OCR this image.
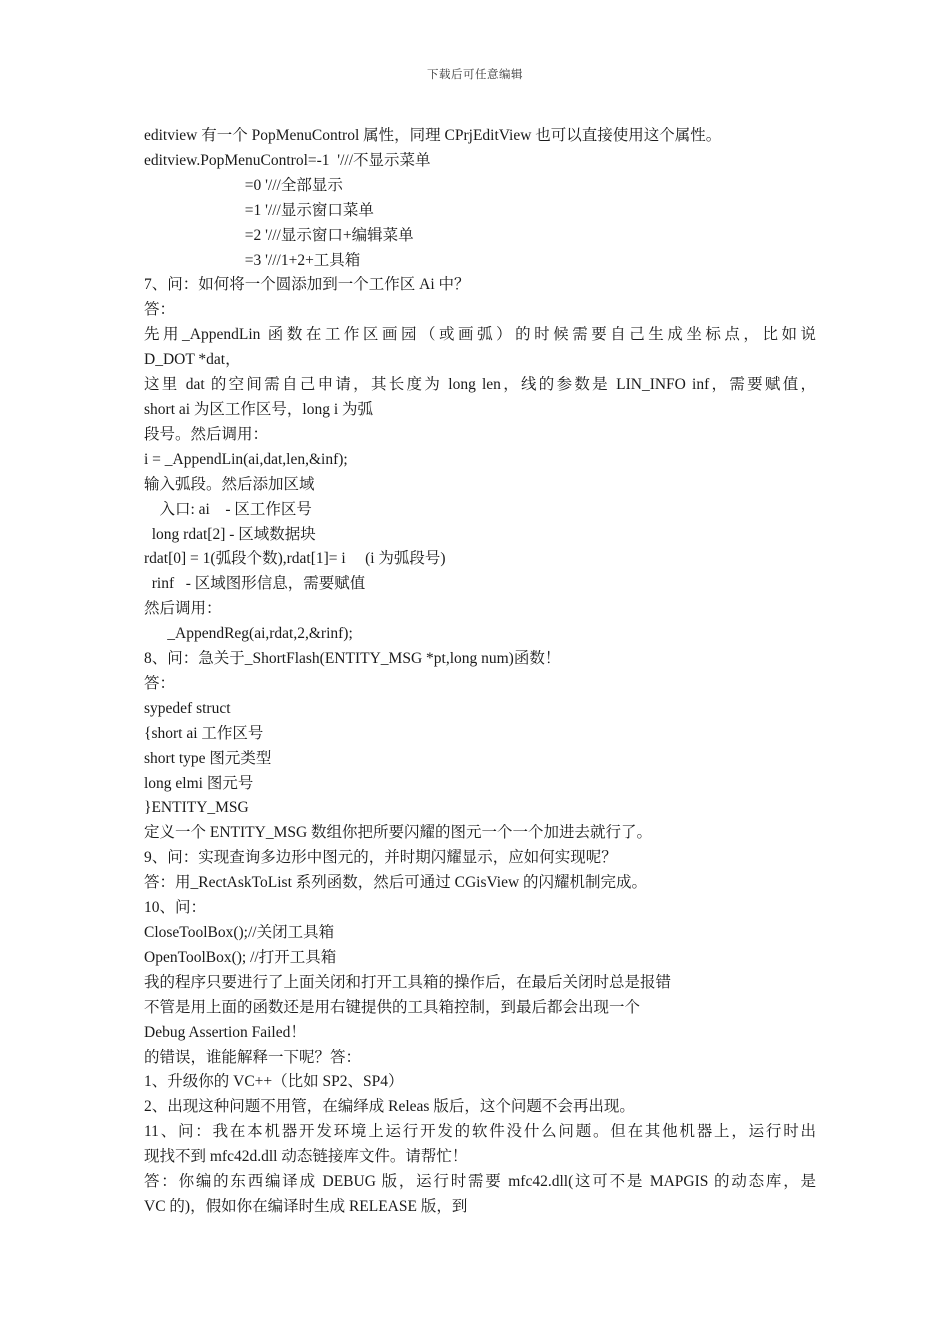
下载后可任意编辑

editview 有一个 PopMenuControl 属性，同理 CPrjEditView 也可以直接使用这个属性。

editview.PopMenuControl=-1  '///不显示菜单

=0 '///全部显示

=1 '///显示窗口菜单

=2 '///显示窗口+编辑菜单

=3 '///1+2+工具箱

7、问：如何将一个圆添加到一个工作区 Ai 中？

答：

先用_AppendLin 函数在工作区画园（或画弧）的时候需要自己生成坐标点，比如说

D_DOT *dat，

这里 dat 的空间需自己申请，其长度为 long len，线的参数是 LIN_INFO inf，需要赋值，

short ai 为区工作区号，long i 为弧

段号。然后调用：

i = _AppendLin(ai,dat,len,&inf);

输入弧段。然后添加区域

入口: ai    - 区工作区号

long rdat[2] - 区域数据块

rdat[0] = 1(弧段个数),rdat[1]= i     (i 为弧段号)

rinf   - 区域图形信息，需要赋值

然后调用：

_AppendReg(ai,rdat,2,&rinf);

8、问：急关于_ShortFlash(ENTITY_MSG *pt,long num)函数！

答：

sypedef struct

{short ai 工作区号

short type 图元类型

long elmi 图元号

}ENTITY_MSG

定义一个 ENTITY_MSG 数组你把所要闪耀的图元一个一个加进去就行了。

9、问：实现查询多边形中图元的，并时期闪耀显示，应如何实现呢？

答：用_RectAskToList 系列函数，然后可通过 CGisView 的闪耀机制完成。

10、问：

CloseToolBox();//关闭工具箱

OpenToolBox(); //打开工具箱

我的程序只要进行了上面关闭和打开工具箱的操作后，在最后关闭时总是报错

不管是用上面的函数还是用右键提供的工具箱控制，到最后都会出现一个

Debug Assertion Failed！

的错误，谁能解释一下呢？答：

1、升级你的 VC++（比如 SP2、SP4）

2、出现这种问题不用管，在编绎成 Releas 版后，这个问题不会再出现。

11、问：我在本机器开发环境上运行开发的软件没什么问题。但在其他机器上，运行时出

现找不到 mfc42d.dll 动态链接库文件。请帮忙！

答：你编的东西编译成 DEBUG 版，运行时需要 mfc42.dll(这可不是 MAPGIS 的动态库，是

VC 的)，假如你在编译时生成 RELEASE 版，到
